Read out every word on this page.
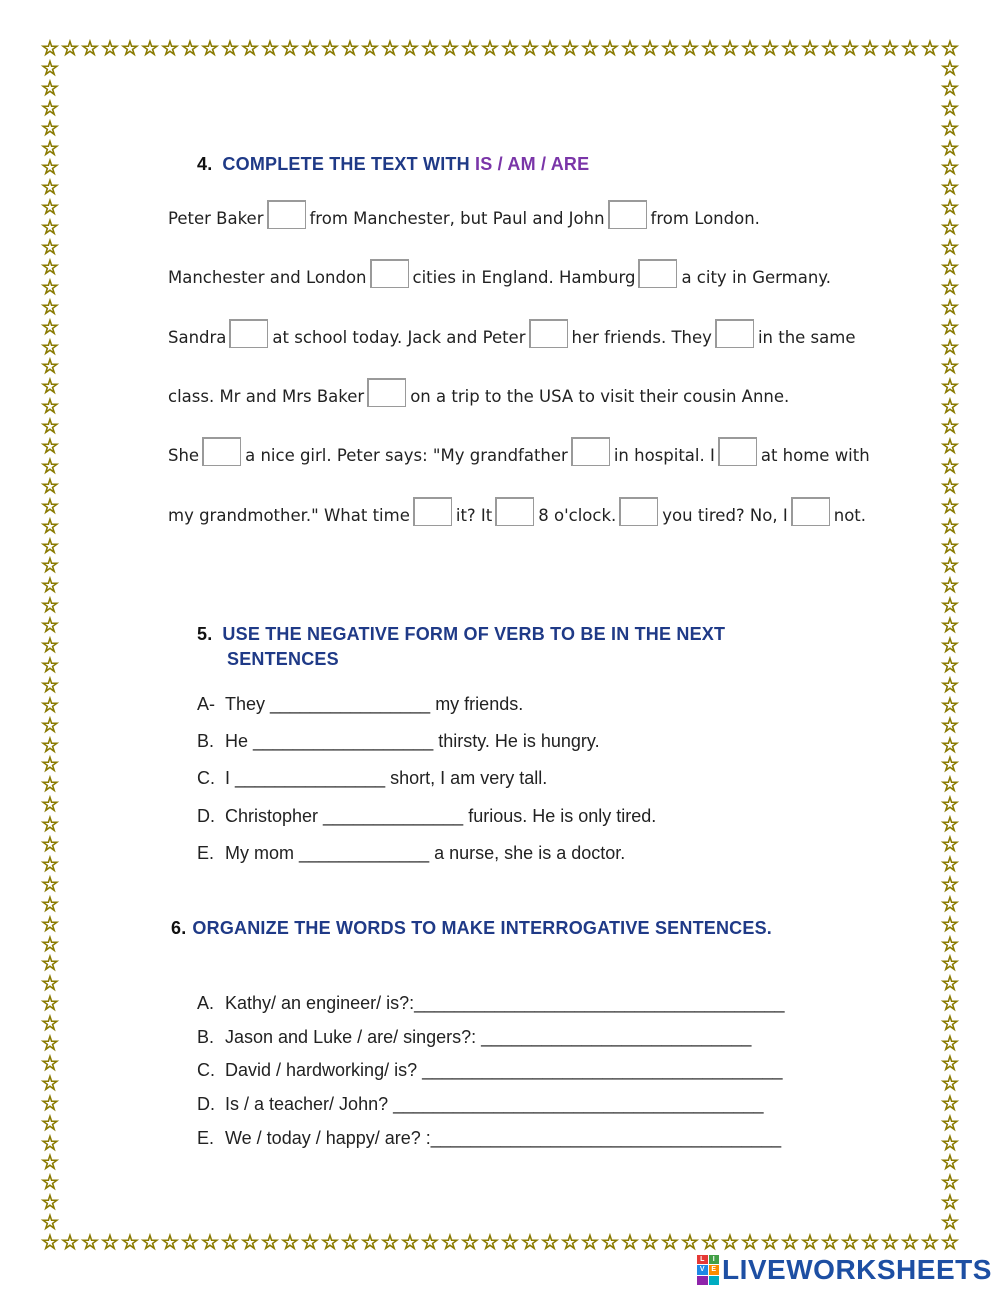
☆
☆
☆
☆
☆
☆
☆
☆
☆
☆
☆
☆
☆
☆
☆
☆
☆
☆
☆
☆
☆
☆
☆
☆
☆
☆
☆
☆
☆
☆
☆
☆
☆
☆
☆
☆
☆
☆
☆
☆
☆
☆
☆
☆
☆
☆
☆
☆
☆
☆
☆
☆
☆
☆
☆
☆
☆
☆
☆
☆
☆
☆
☆
☆
☆
☆
☆
☆
☆
☆
☆
☆
☆
☆
☆
☆
☆
☆
☆
☆
☆
☆
☆
☆
☆
☆
☆
☆
☆
☆
☆
☆
☆	☆
☆	☆
☆	☆
☆	☆
☆	☆
☆	☆
☆	☆
☆	☆
☆	☆
☆	☆
☆	☆
☆	☆
☆	☆
☆	☆
☆	☆
☆	☆
☆	☆
☆	☆
☆	☆
☆	☆
☆	☆
☆	☆
☆	☆
☆	☆
☆	☆
☆	☆
☆	☆
☆	☆
☆	☆
☆	☆
☆	☆
☆	☆
☆	☆
☆	☆
☆	☆
☆	☆
☆	☆
☆	☆
☆	☆
☆	☆
☆	☆
☆	☆
☆	☆
☆	☆
☆	☆
☆	☆
☆	☆
☆	☆
☆	☆
☆	☆
☆	☆
☆	☆
☆	☆
☆	☆
☆	☆
☆	☆
☆	☆
☆	☆
☆	☆
4. COMPLETE THE TEXT WITH IS / AM / ARE
Peter Baker	from Manchester, but Paul and John	from London.
Manchester and London	cities in England. Hamburg	a city in Germany.
Sandra	at school today. Jack and Peter	her friends. They	in the same
class. Mr and Mrs Baker	on a trip to the USA to visit their cousin Anne.
She	a nice girl. Peter says: "My grandfather	in hospital. I	at home with
my grandmother." What time	it? It	8 o'clock.	you tired? No, I	not.
5. USE THE NEGATIVE FORM OF VERB TO BE IN THE NEXT
SENTENCES
A- They ________________ my friends.
B. He __________________ thirsty. He is hungry.
C. I _______________ short, I am very tall.
D. Christopher ______________ furious. He is only tired.
E. My mom _____________ a nurse, she is a doctor.
6. ORGANIZE THE WORDS TO MAKE INTERROGATIVE SENTENCES.
A. Kathy/ an engineer/ is?:_____________________________________
B. Jason and Luke / are/ singers?: ___________________________
C. David / hardworking/ is? ____________________________________
D. Is / a teacher/ John? _____________________________________
E. We / today / happy/ are? :___________________________________
L	I
V E LIVEWORKSHEETS
